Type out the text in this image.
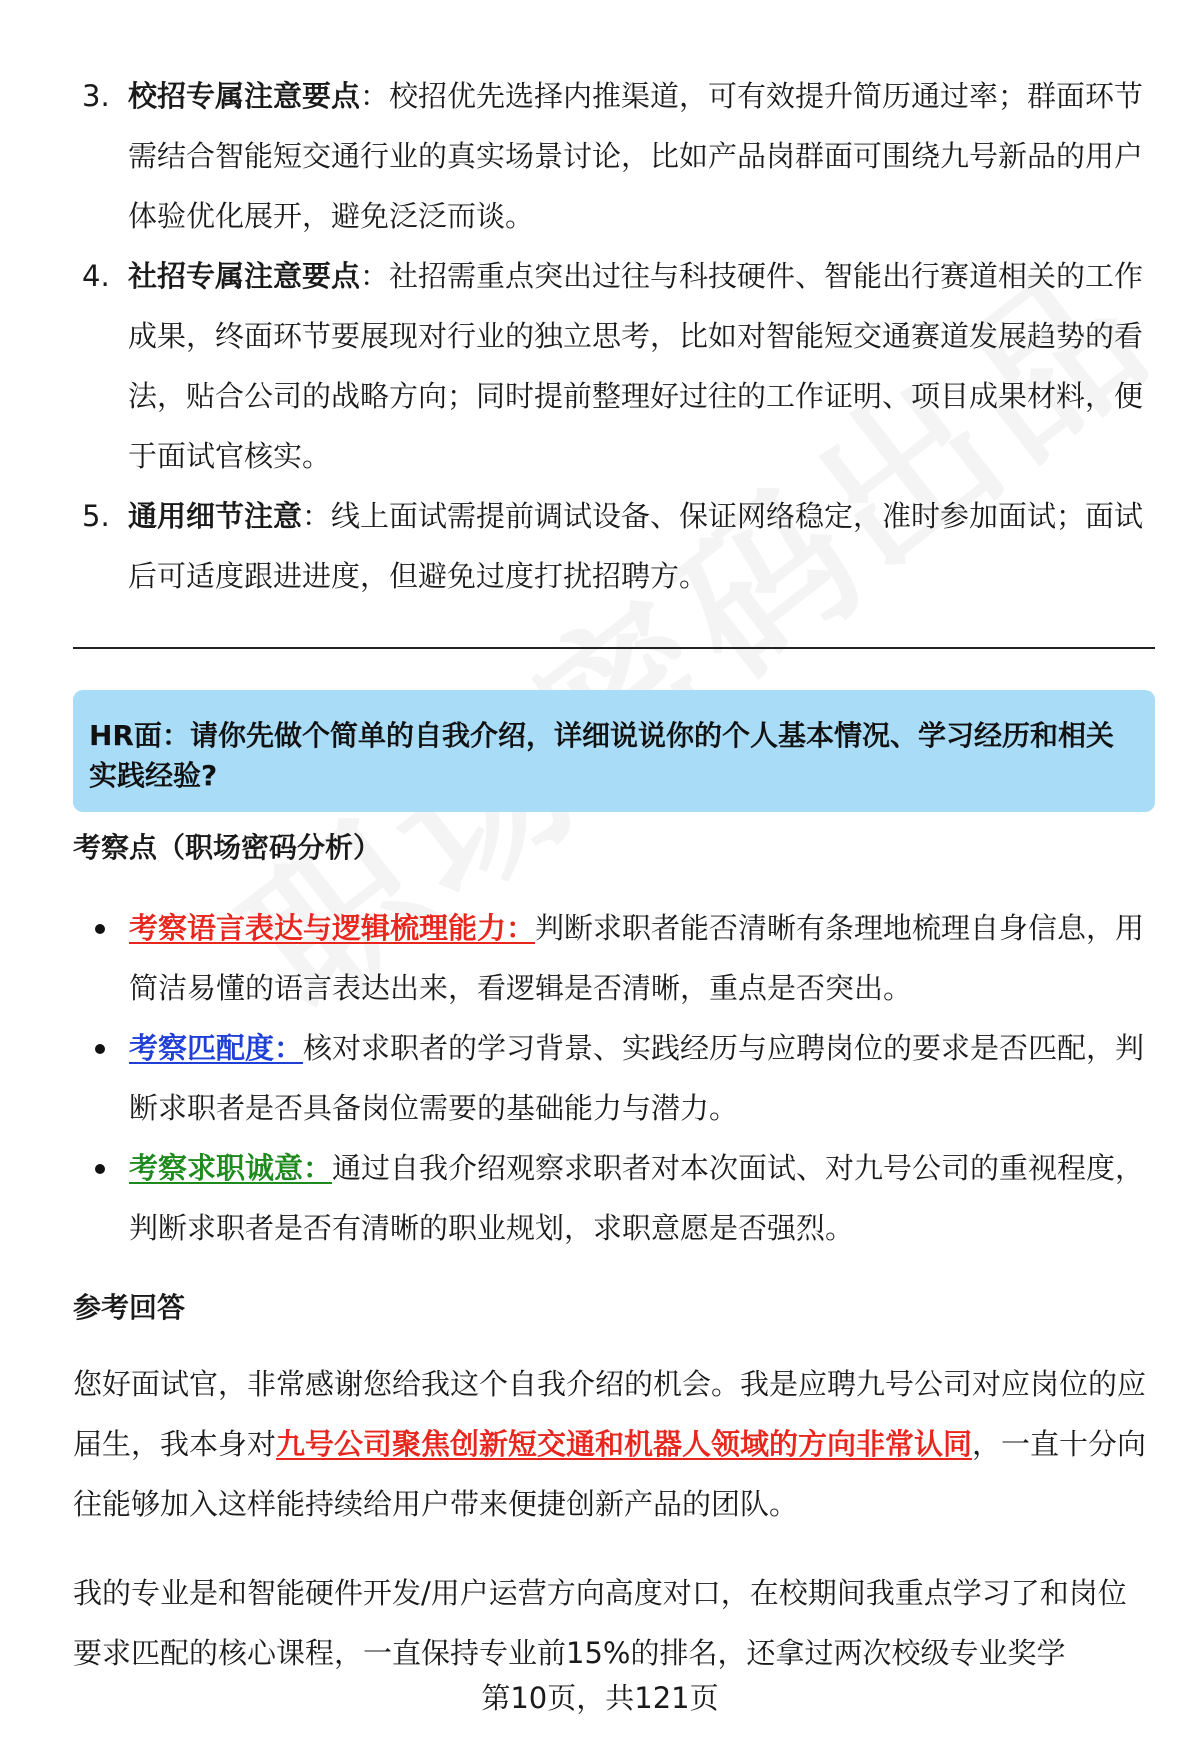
3. 校招专属注意要点：校招优先选择内推渠道，可有效提升简历通过率；群面环节需结合智能短交通行业的真实场景讨论，比如产品岗群面可围绕九号新品的用户体验优化展开，避免泛泛而谈。
4. 社招专属注意要点：社招需重点突出过往与科技硬件、智能出行赛道相关的工作成果，终面环节要展现对行业的独立思考，比如对智能短交通赛道发展趋势的看法，贴合公司的战略方向；同时提前整理好过往的工作证明、项目成果材料，便于面试官核实。
5. 通用细节注意：线上面试需提前调试设备、保证网络稳定，准时参加面试；面试后可适度跟进进度，但避免过度打扰招聘方。
HR面：请你先做个简单的自我介绍，详细说说你的个人基本情况、学习经历和相关实践经验?
考察点（职场密码分析）
考察语言表达与逻辑梳理能力：判断求职者能否清晰有条理地梳理自身信息，用简洁易懂的语言表达出来，看逻辑是否清晰，重点是否突出。
考察匹配度：核对求职者的学习背景、实践经历与应聘岗位的要求是否匹配，判断求职者是否具备岗位需要的基础能力与潜力。
考察求职诚意：通过自我介绍观察求职者对本次面试、对九号公司的重视程度，判断求职者是否有清晰的职业规划，求职意愿是否强烈。
参考回答
您好面试官，非常感谢您给我这个自我介绍的机会。我是应聘九号公司对应岗位的应届生，我本身对九号公司聚焦创新短交通和机器人领域的方向非常认同，一直十分向往能够加入这样能持续给用户带来便捷创新产品的团队。
我的专业是和智能硬件开发/用户运营方向高度对口，在校期间我重点学习了和岗位要求匹配的核心课程，一直保持专业前15%的排名，还拿过两次校级专业奖学
第10页，共121页
